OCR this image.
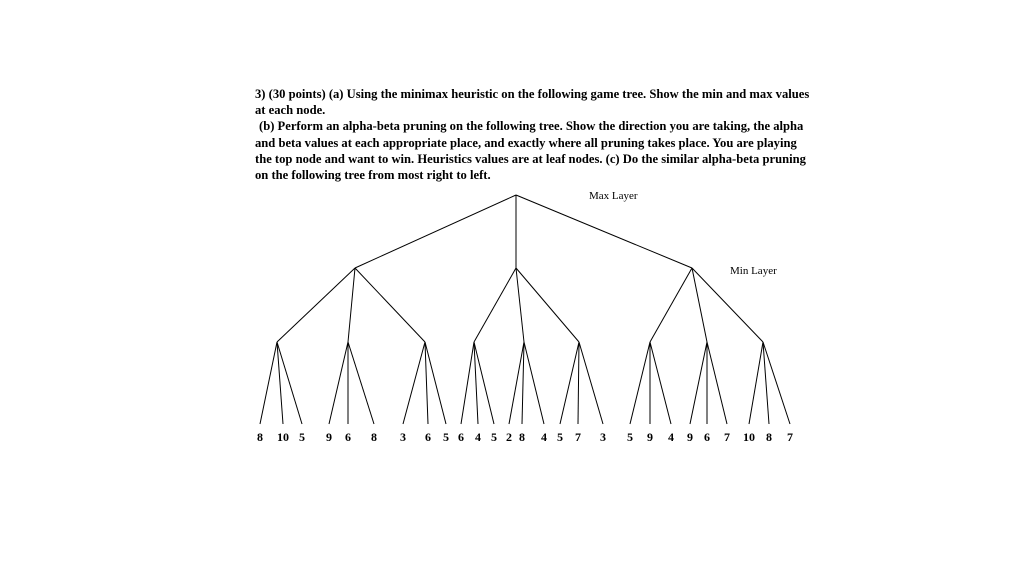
3) (30 points) (a) Using the minimax heuristic on the following game tree. Show the min and max values at each node.

(b) Perform an alpha-beta pruning on the following tree. Show the direction you are taking, the alpha and beta values at each appropriate place, and exactly where all pruning takes place. You are playing the top node and want to win. Heuristics values are at leaf nodes. (c) Do the similar alpha-beta pruning on the following tree from most right to left.

Max Layer
Min Layer
8 10 5 9 6 8 3 6 5 6 4 5 2 8 4 5 7 3 5 9 4 9 6 7 10 8 7
